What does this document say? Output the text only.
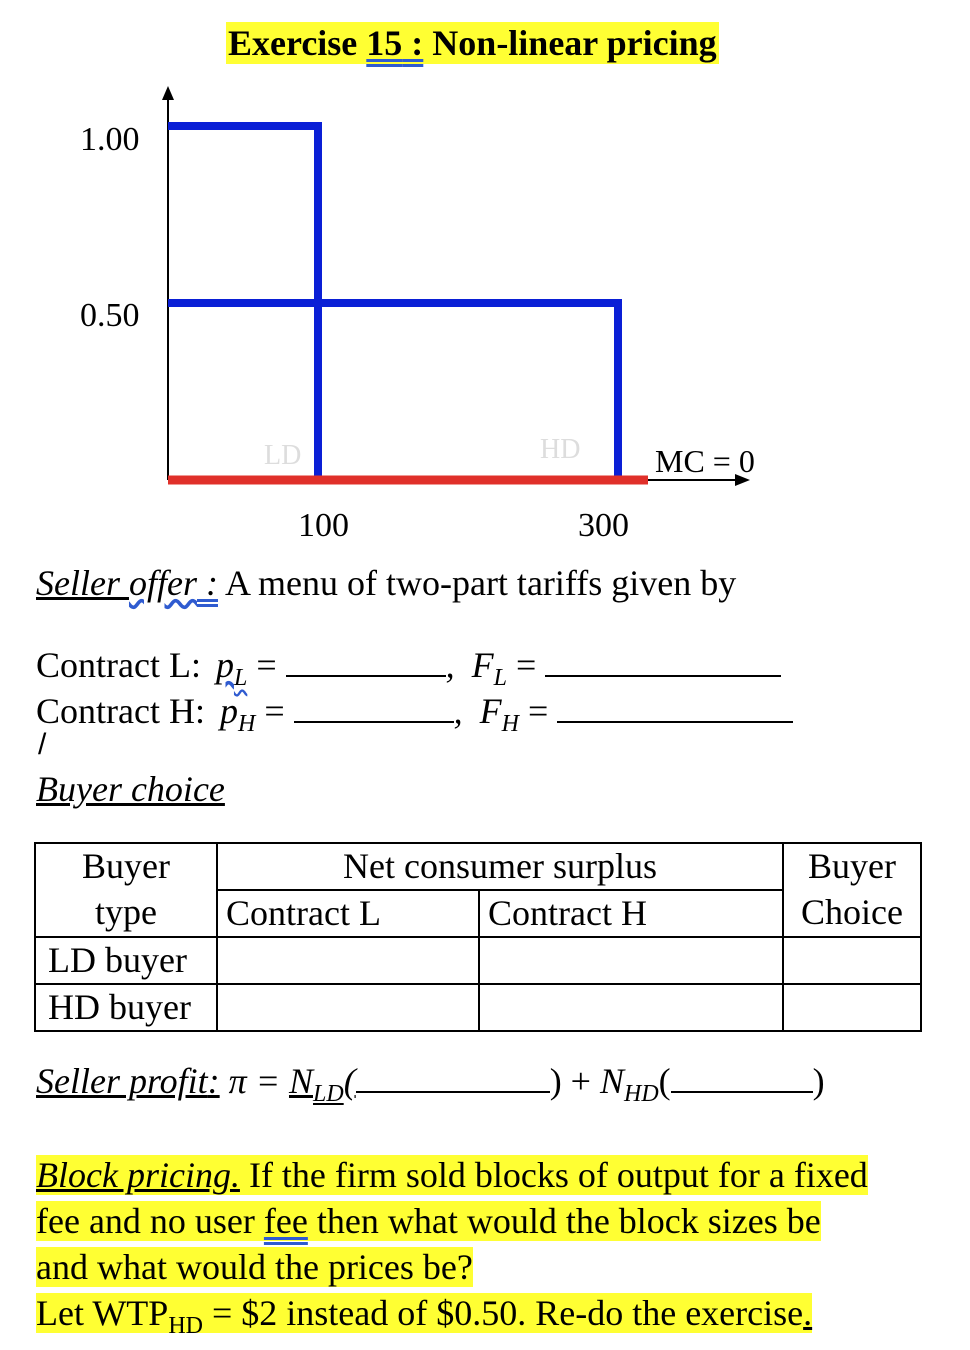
Exercise 15 : Non-linear pricing
1.00
0.50
100	300
LD	HD MC = 0
Seller offer : A menu of two-part tariffs given by
Contract L: $p_L$ =	, $F_L$ =
Contract H: $p_H$ =	, $F_H$ =
/
Buyer choice
Buyer	Net consumer surplus		Buyer
type	Contract L	Contract H	Choice
LD buyer			
HD buyer			
Seller profit: $\pi = N_{LD}$(	) + $N_{HD}$(	)
Block pricing. If the firm sold blocks of output for a fixed
fee and no user fee then what would the block sizes be
and what would the prices be?
Let $WTP_{HD}$ = $2 instead of $0.50. Re-do the exercise.
